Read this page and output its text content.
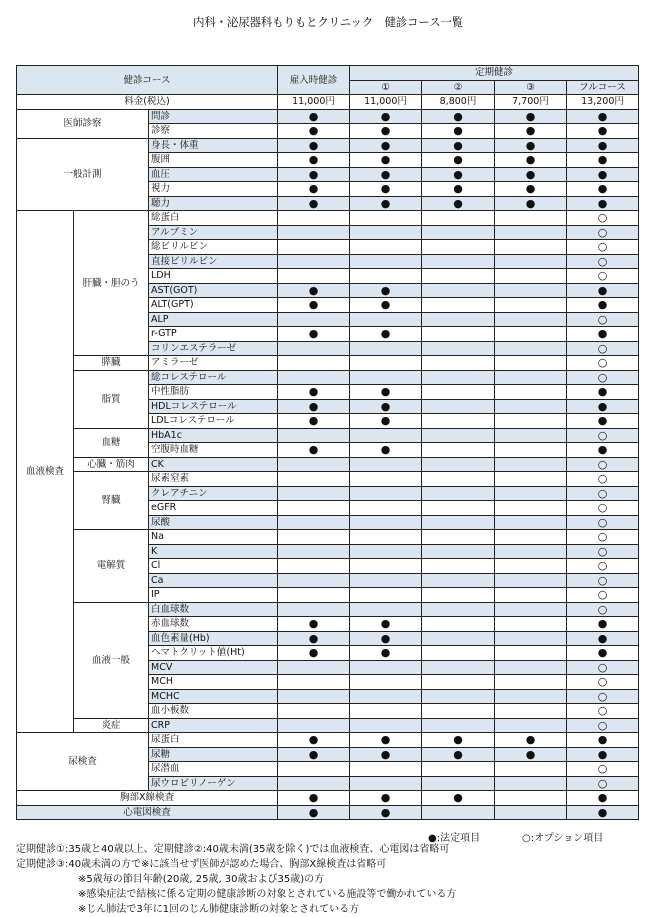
内科・泌尿器科もりもとクリニック　健診コース一覧
健診コース			雇入時健診	定期健診			
				①	②	③	フルコース
料金(税込)			11,000円	11,000円	8,800円	7,700円	13,200円
医師診察		問診	●	●	●	●	●
		診察	●	●	●	●	●
一般計測		身長・体重	●	●	●	●	●
		腹囲	●	●	●	●	●
		血圧	●	●	●	●	●
		視力	●	●	●	●	●
		聴力	●	●	●	●	●
血液検査	肝臓・胆のう	総蛋白					○
		アルブミン					○
		総ビリルビン					○
		直接ビリルビン					○
		LDH					○
		AST(GOT)	●	●			●
		ALT(GPT)	●	●			●
		ALP					○
		r-GTP	●	●			●
		コリンエステラーゼ					○
	膵臓	アミラーゼ					○
	脂質	総コレステロール					○
		中性脂肪	●	●			●
		HDLコレステロール	●	●			●
		LDLコレステロール	●	●			●
	血糖	HbA1c					○
		空腹時血糖	●	●			●
	心臓・筋肉	CK					○
	腎臓	尿素窒素					○
		クレアチニン					○
		eGFR					○
		尿酸					○
	電解質	Na					○
		K					○
		Cl					○
		Ca					○
		IP					○
	血液一般	白血球数					○
		赤血球数	●	●			●
		血色素量(Hb)	●	●			●
		ヘマトクリット値(Ht)	●	●			●
		MCV					○
		MCH					○
		MCHC					○
		血小板数					○
	炎症	CRP					○
尿検査		尿蛋白	●	●	●	●	●
		尿糖	●	●	●	●	●
		尿潜血					○
		尿ウロビリノーゲン					○
胸部X線検査			●	●	●		●
心電図検査			●	●			●
●:法定項目	○:オプション項目
定期健診①:35歳と40歳以上、定期健診②:40歳未満(35歳を除く)では血液検査、心電図は省略可
定期健診③:40歳未満の方で※に該当せず医師が認めた場合、胸部X線検査は省略可
※5歳毎の節目年齢(20歳, 25歳, 30歳および35歳)の方
※感染症法で結核に係る定期の健康診断の対象とされている施設等で働かれている方
※じん肺法で3年に1回のじん肺健康診断の対象とされている方
